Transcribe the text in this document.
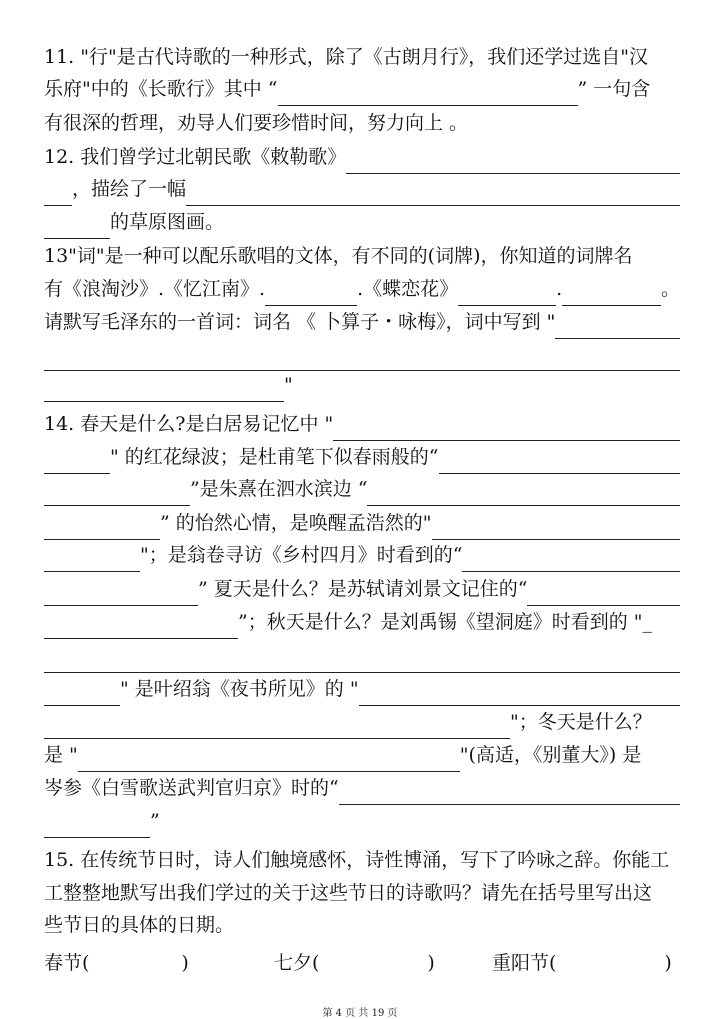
11. "行"是古代诗歌的一种形式，除了《古朗月行》，我们还学过选自"汉
乐府"中的《长歌行》其中 “	” 一句含
有很深的哲理，劝导人们要珍惜时间，努力向上 。
12. 我们曾学过北朝民歌《敕勒歌》
，描绘了一幅
的草原图画。
13"词"是一种可以配乐歌唱的文体，有不同的(词牌)，你知道的词牌名
有《浪淘沙》.《忆江南》.	.《蝶恋花》	.	。
请默写毛泽东的一首词：词名 《 卜算子・咏梅》，词中写到 "
"
14. 春天是什么?是白居易记忆中 "
" 的红花绿波；是杜甫笔下似春雨般的“
”是朱熹在泗水滨边 “
” 的怡然心情，是唤醒孟浩然的"
"；是翁卷寻访《乡村四月》时看到的“
” 夏天是什么？是苏轼请刘景文记住的“
”；秋天是什么？是刘禹锡《望洞庭》时看到的 " _
" 是叶绍翁《夜书所见》的 "
"；冬天是什么？
是 "	"(高适，《别董大》) 是
岑参《白雪歌送武判官归京》时的“
”
15. 在传统节日时，诗人们触境感怀，诗性博涌，写下了吟咏之辞。你能工
工整整地默写出我们学过的关于这些节日的诗歌吗？请先在括号里写出这
些节日的具体的日期。
春节(	)	七夕(	)	重阳节(	)
第 4 页 共 19 页
